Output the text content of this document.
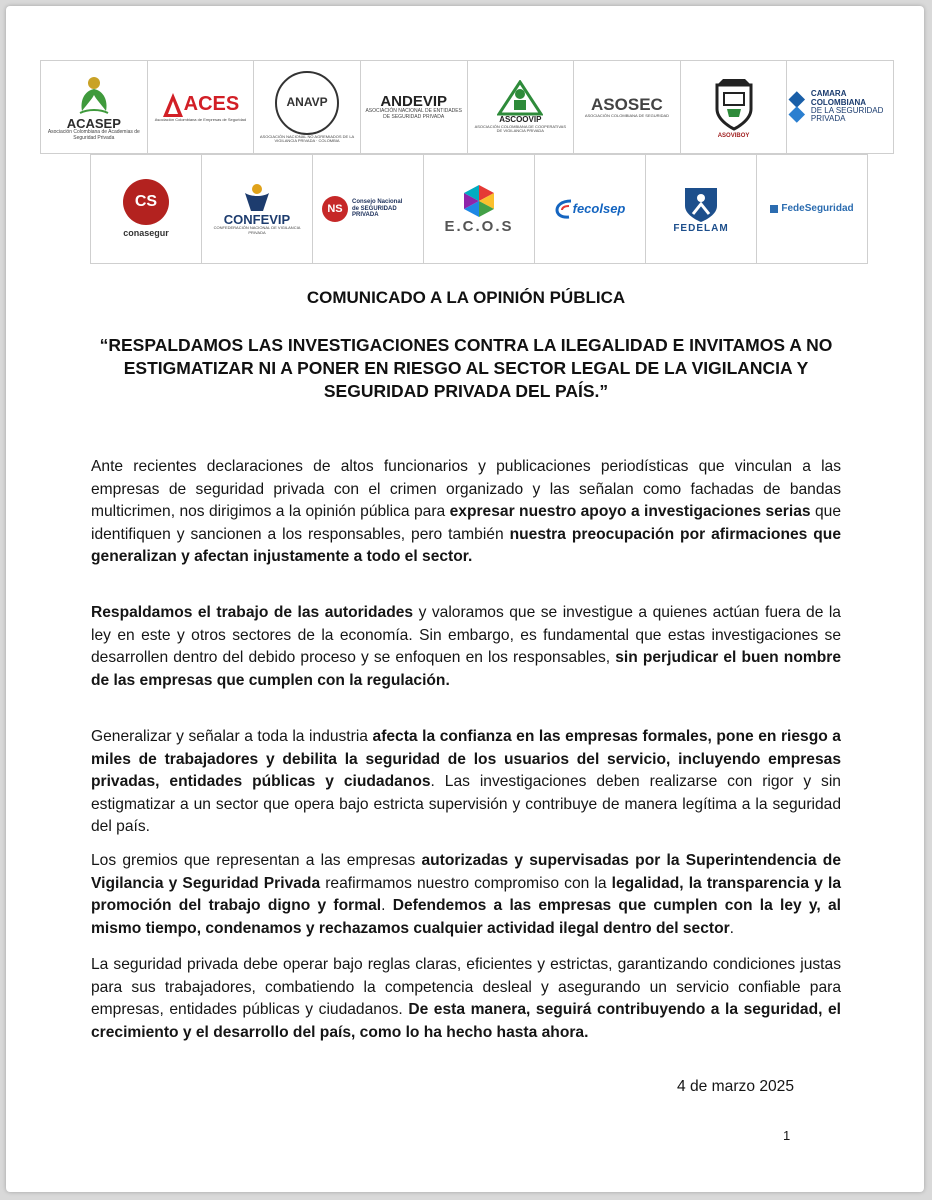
ACASEP
Asociación Colombiana de Academias de Seguridad Privada
ACES
Asociación Colombiana de Empresas de Seguridad
ANAVP
ASOCIACIÓN NACIONAL NO AGREMIADOS DE LA VIGILANCIA PRIVADA · COLOMBIA
ANDEVIP
ASOCIACIÓN NACIONAL DE ENTIDADES DE SEGURIDAD PRIVADA	ASCOOVIP
ASOCIACIÓN COLOMBIANA DE COOPERATIVAS DE VIGILANCIA PRIVADA
ASOSEC
ASOCIACIÓN COLOMBIANA DE SEGURIDAD
ASOVIBOY
CAMARA COLOMBIANA
DE LA SEGURIDAD PRIVADA
CS
conasegur
CONFEVIP
CONFEDERACIÓN NACIONAL DE VIGILANCIA PRIVADA
NS
Consejo Nacional de SEGURIDAD PRIVADA
E.C.O.S
fecolsep
FEDELAM
FedeSeguridad
COMUNICADO A LA OPINIÓN PÚBLICA
“RESPALDAMOS LAS INVESTIGACIONES CONTRA LA ILEGALIDAD E INVITAMOS A NO ESTIGMATIZAR NI A PONER EN RIESGO AL SECTOR LEGAL DE LA VIGILANCIA Y SEGURIDAD PRIVADA DEL PAÍS.”
Ante recientes declaraciones de altos funcionarios y publicaciones periodísticas que vinculan a las empresas de seguridad privada con el crimen organizado y las señalan como fachadas de bandas multicrimen, nos dirigimos a la opinión pública para expresar nuestro apoyo a investigaciones serias que identifiquen y sancionen a los responsables, pero también nuestra preocupación por afirmaciones que generalizan y afectan injustamente a todo el sector.
Respaldamos el trabajo de las autoridades y valoramos que se investigue a quienes actúan fuera de la ley en este y otros sectores de la economía. Sin embargo, es fundamental que estas investigaciones se desarrollen dentro del debido proceso y se enfoquen en los responsables, sin perjudicar el buen nombre de las empresas que cumplen con la regulación.
Generalizar y señalar a toda la industria afecta la confianza en las empresas formales, pone en riesgo a miles de trabajadores y debilita la seguridad de los usuarios del servicio, incluyendo empresas privadas, entidades públicas y ciudadanos. Las investigaciones deben realizarse con rigor y sin estigmatizar a un sector que opera bajo estricta supervisión y contribuye de manera legítima a la seguridad del país.
Los gremios que representan a las empresas autorizadas y supervisadas por la Superintendencia de Vigilancia y Seguridad Privada reafirmamos nuestro compromiso con la legalidad, la transparencia y la promoción del trabajo digno y formal. Defendemos a las empresas que cumplen con la ley y, al mismo tiempo, condenamos y rechazamos cualquier actividad ilegal dentro del sector.
La seguridad privada debe operar bajo reglas claras, eficientes y estrictas, garantizando condiciones justas para sus trabajadores, combatiendo la competencia desleal y asegurando un servicio confiable para empresas, entidades públicas y ciudadanos. De esta manera, seguirá contribuyendo a la seguridad, el crecimiento y el desarrollo del país, como lo ha hecho hasta ahora.
4 de marzo 2025
1
